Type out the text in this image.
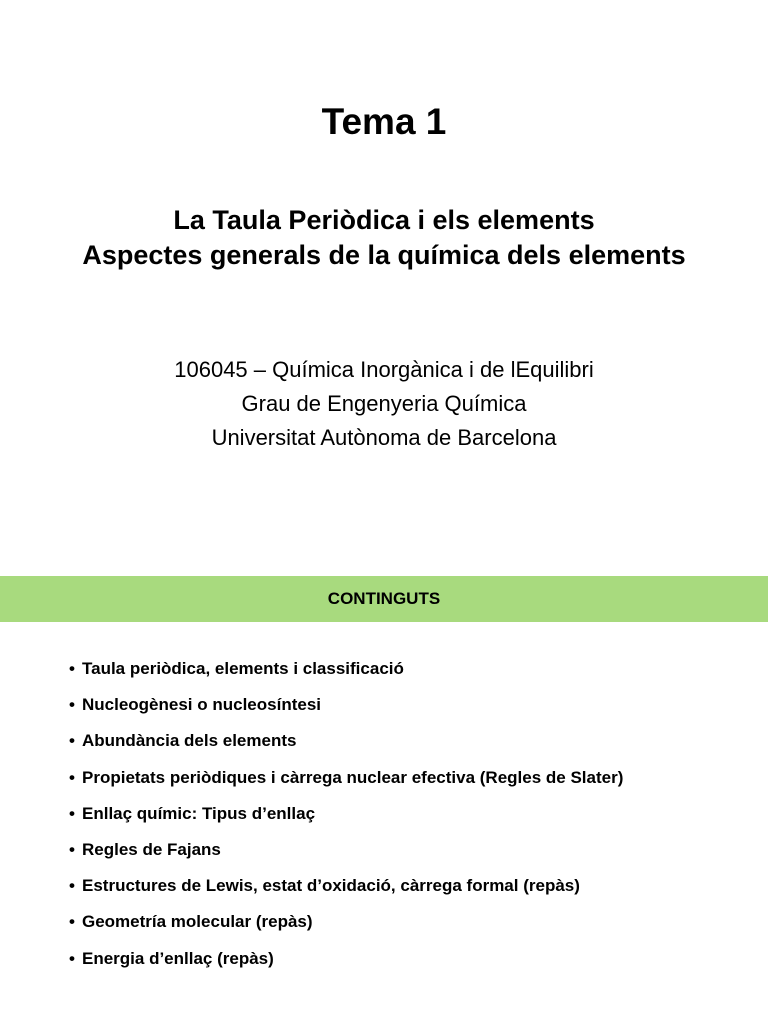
Tema 1
La Taula Periòdica i els elements
Aspectes generals de la química dels elements
106045 – Química Inorgànica i de lEquilibri
Grau de Engenyeria Química
Universitat Autònoma de Barcelona
CONTINGUTS
• Taula periòdica, elements i classificació
• Nucleogènesi o nucleosíntesi
• Abundància dels elements
• Propietats periòdiques i càrrega nuclear efectiva (Regles de Slater)
• Enllaç químic: Tipus d’enllaç
• Regles de Fajans
• Estructures de Lewis, estat d’oxidació, càrrega formal (repàs)
• Geometría molecular (repàs)
• Energia d’enllaç (repàs)
